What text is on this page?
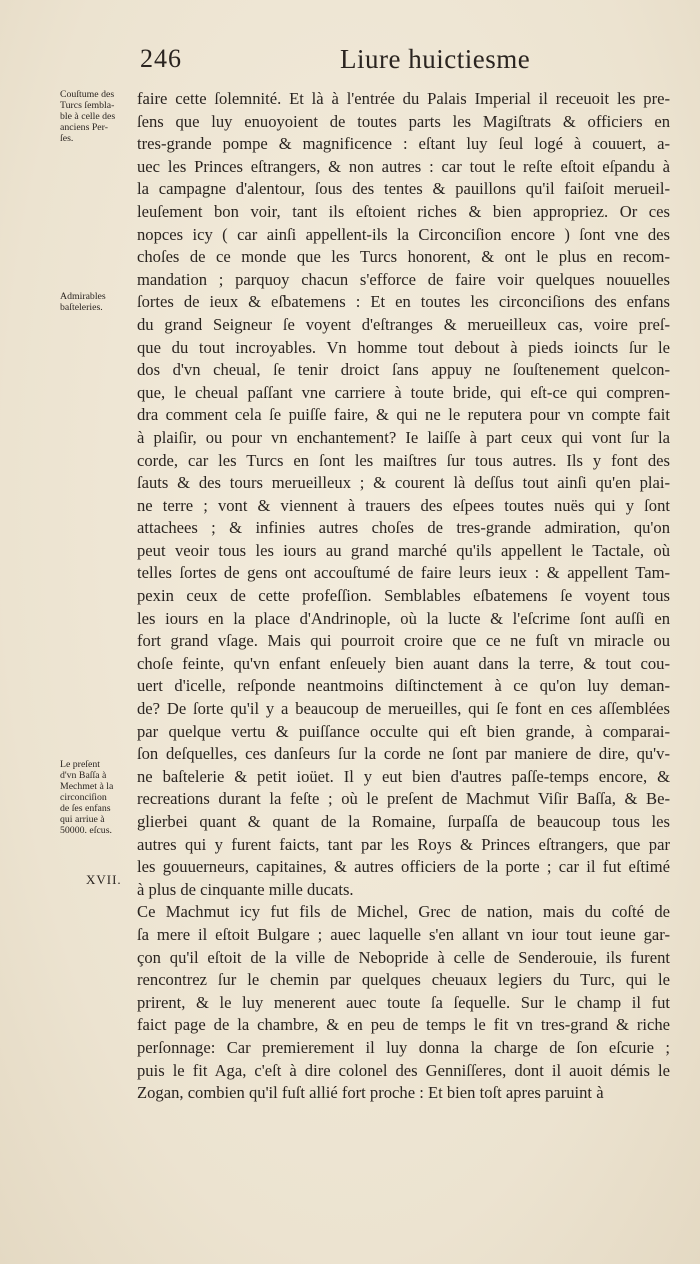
246	Liure huictiesme
Couſtume des
Turcs ſembla-
ble à celle des
anciens Per-
ſes.
Admirables
baſteleries.
Le preſent
d'vn Baſſa à
Mechmet à la
circonciſion
de ſes enfans
qui arriue à
50000. eſcus.
XVII.
faire cette ſolemnité. Et là à l'entrée du Palais Imperial il receuoit les pre-
ſens que luy enuoyoient de toutes parts les Magiſtrats & officiers en
tres-grande pompe & magnificence : eſtant luy ſeul logé à couuert, a-
uec les Princes eſtrangers, & non autres : car tout le reſte eſtoit eſpandu à
la campagne d'alentour, ſous des tentes & pauillons qu'il faiſoit merueil-
leuſement bon voir, tant ils eſtoient riches & bien appropriez. Or ces
nopces icy ( car ainſi appellent-ils la Circonciſion encore ) ſont vne des
choſes de ce monde que les Turcs honorent, & ont le plus en recom-
mandation ; parquoy chacun s'efforce de faire voir quelques nouuelles
ſortes de ieux & eſbatemens : Et en toutes les circonciſions des enfans
du grand Seigneur ſe voyent d'eſtranges & merueilleux cas, voire preſ-
que du tout incroyables. Vn homme tout debout à pieds ioincts ſur le
dos d'vn cheual, ſe tenir droict ſans appuy ne ſouſtenement quelcon-
que, le cheual paſſant vne carriere à toute bride, qui eſt-ce qui compren-
dra comment cela ſe puiſſe faire, & qui ne le reputera pour vn compte fait
à plaiſir, ou pour vn enchantement? Ie laiſſe à part ceux qui vont ſur la
corde, car les Turcs en ſont les maiſtres ſur tous autres. Ils y font des
ſauts & des tours merueilleux ; & courent là deſſus tout ainſi qu'en plai-
ne terre ; vont & viennent à trauers des eſpees toutes nuës qui y ſont
attachees ; & infinies autres choſes de tres-grande admiration, qu'on
peut veoir tous les iours au grand marché qu'ils appellent le Tactale, où
telles ſortes de gens ont accouſtumé de faire leurs ieux : & appellent Tam-
pexin ceux de cette profeſſion. Semblables eſbatemens ſe voyent tous
les iours en la place d'Andrinople, où la lucte & l'eſcrime ſont auſſi en
fort grand vſage. Mais qui pourroit croire que ce ne fuſt vn miracle ou
choſe feinte, qu'vn enfant enſeuely bien auant dans la terre, & tout cou-
uert d'icelle, reſponde neantmoins diſtinctement à ce qu'on luy deman-
de? De ſorte qu'il y a beaucoup de merueilles, qui ſe font en ces aſſemblées
par quelque vertu & puiſſance occulte qui eſt bien grande, à comparai-
ſon deſquelles, ces danſeurs ſur la corde ne ſont par maniere de dire, qu'v-
ne baſtelerie & petit ioüet. Il y eut bien d'autres paſſe-temps encore, &
recreations durant la feſte ; où le preſent de Machmut Viſir Baſſa, & Be-
glierbei quant & quant de la Romaine, ſurpaſſa de beaucoup tous les
autres qui y furent faicts, tant par les Roys & Princes eſtrangers, que par
les gouuerneurs, capitaines, & autres officiers de la porte ; car il fut eſtimé
à plus de cinquante mille ducats.
Ce Machmut icy fut fils de Michel, Grec de nation, mais du coſté de
ſa mere il eſtoit Bulgare ; auec laquelle s'en allant vn iour tout ieune gar-
çon qu'il eſtoit de la ville de Nebopride à celle de Senderouie, ils furent
rencontrez ſur le chemin par quelques cheuaux legiers du Turc, qui le
prirent, & le luy menerent auec toute ſa ſequelle. Sur le champ il fut
faict page de la chambre, & en peu de temps le fit vn tres-grand & riche
perſonnage: Car premierement il luy donna la charge de ſon eſcurie ;
puis le fit Aga, c'eſt à dire colonel des Genniſſeres, dont il auoit démis le
Zogan, combien qu'il fuſt allié fort proche : Et bien toſt apres paruint à
